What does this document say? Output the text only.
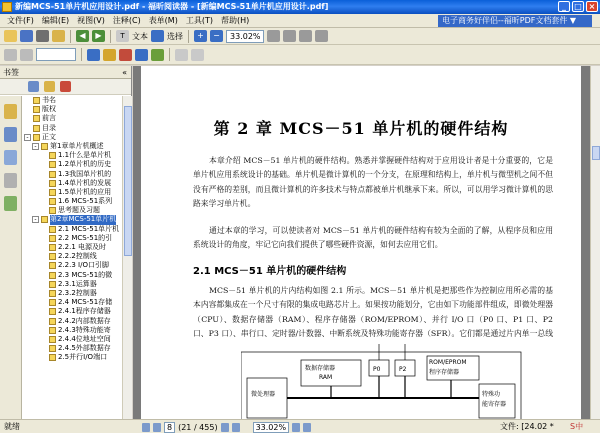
新编MCS-51单片机应用设计.pdf - 福昕阅读器 - [新编MCS-51单片机应用设计.pdf]	_	□ ×
文件(F)	编辑(E)	视图(V)	注释(C)	表单(M)	工具(T)	帮助(H)	电子商务好伴侣--福昕PDF文档套件 ▼
◀	▶	T 文本 选择	+	−	33.02%
书签	«
书名
版权
前言
目录
-	正文
-	第1章单片机概述
1.1什么是单片机
1.2单片机的历史
1.3我国单片机的
1.4单片机的发展
1.5单片机的应用
1.6 MCS-51系列
思考题及习题
-	第2章MCS-51单片机
2.1 MCS-51单片机
2.2 MCS-51的引
2.2.1 电源及时
2.2.2控制线
2.2.3 I/O口引脚
2.3 MCS-51的微
2.3.1运算器
2.3.2控制器
2.4 MCS-51存储
2.4.1程序存储器
2.4.2内部数据存
2.4.3特殊功能寄
2.4.4位地址空间
2.4.5外部数据存
2.5并行I/O端口
第 2 章 MCS－51 单片机的硬件结构
本章介绍 MCS－51 单片机的硬件结构。熟悉并掌握硬件结构对于应用设计者是十分重要的，它是单片机应用系统设计的基础。单片机是微计算机的一个分支，在原理和结构上，单片机与微型机之间不但没有严格的差别，而且微计算机的许多技术与特点都被单片机继承下来。所以，可以用学习微计算机的思路来学习单片机。
通过本章的学习，可以使读者对 MCS－51 单片机的硬件结构有较为全面的了解，从程序员和应用系统设计的角度，牢记它向我们提供了哪些硬件资源，如何去应用它们。
2.1 MCS－51 单片机的硬件结构
MCS－51 单片机的片内结构如图 2.1 所示。MCS－51 单片机是把那些作为控制应用所必需的基本内容都集成在一个尺寸有限的集成电路芯片上。如果按功能划分，它由如下功能部件组成，即微处理器（CPU）、数据存储器（RAM）、程序存储器（ROM/EPROM）、并行 I/O 口（P0 口、P1 口、P2 口、P3 口）、串行口、定时器/计数器、中断系统及特殊功能寄存器（SFR）。它们都是通过片内单一总线
微处理器
数据存储器
RAM
P0	P2
ROM/EPROM
程序存储器
特殊功
能寄存器
就绪	8 (21 / 455)	33.02%	文件: [24.02 * S中
